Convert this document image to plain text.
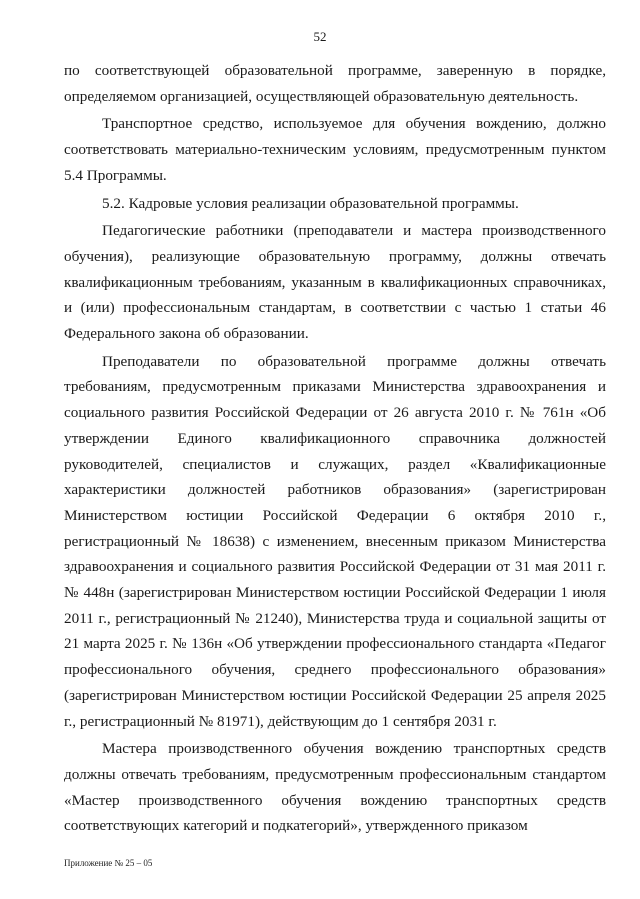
52

по соответствующей образовательной программе, заверенную в порядке, определяемом организацией, осуществляющей образовательную деятельность.

Транспортное средство, используемое для обучения вождению, должно соответствовать материально-техническим условиям, предусмотренным пунктом 5.4 Программы.

5.2. Кадровые условия реализации образовательной программы.

Педагогические работники (преподаватели и мастера производственного обучения), реализующие образовательную программу, должны отвечать квалификационным требованиям, указанным в квалификационных справочниках, и (или) профессиональным стандартам, в соответствии с частью 1 статьи 46 Федерального закона об образовании.

Преподаватели по образовательной программе должны отвечать требованиям, предусмотренным приказами Министерства здравоохранения и социального развития Российской Федерации от 26 августа 2010 г. № 761н «Об утверждении Единого квалификационного справочника должностей руководителей, специалистов и служащих, раздел «Квалификационные характеристики должностей работников образования» (зарегистрирован Министерством юстиции Российской Федерации 6 октября 2010 г., регистрационный № 18638) с изменением, внесенным приказом Министерства здравоохранения и социального развития Российской Федерации от 31 мая 2011 г. № 448н (зарегистрирован Министерством юстиции Российской Федерации 1 июля 2011 г., регистрационный № 21240), Министерства труда и социальной защиты от 21 марта 2025 г. № 136н «Об утверждении профессионального стандарта «Педагог профессионального обучения, среднего профессионального образования» (зарегистрирован Министерством юстиции Российской Федерации 25 апреля 2025 г., регистрационный № 81971), действующим до 1 сентября 2031 г.

Мастера производственного обучения вождению транспортных средств должны отвечать требованиям, предусмотренным профессиональным стандартом «Мастер производственного обучения вождению транспортных средств соответствующих категорий и подкатегорий», утвержденного приказом

Приложение № 25 – 05
